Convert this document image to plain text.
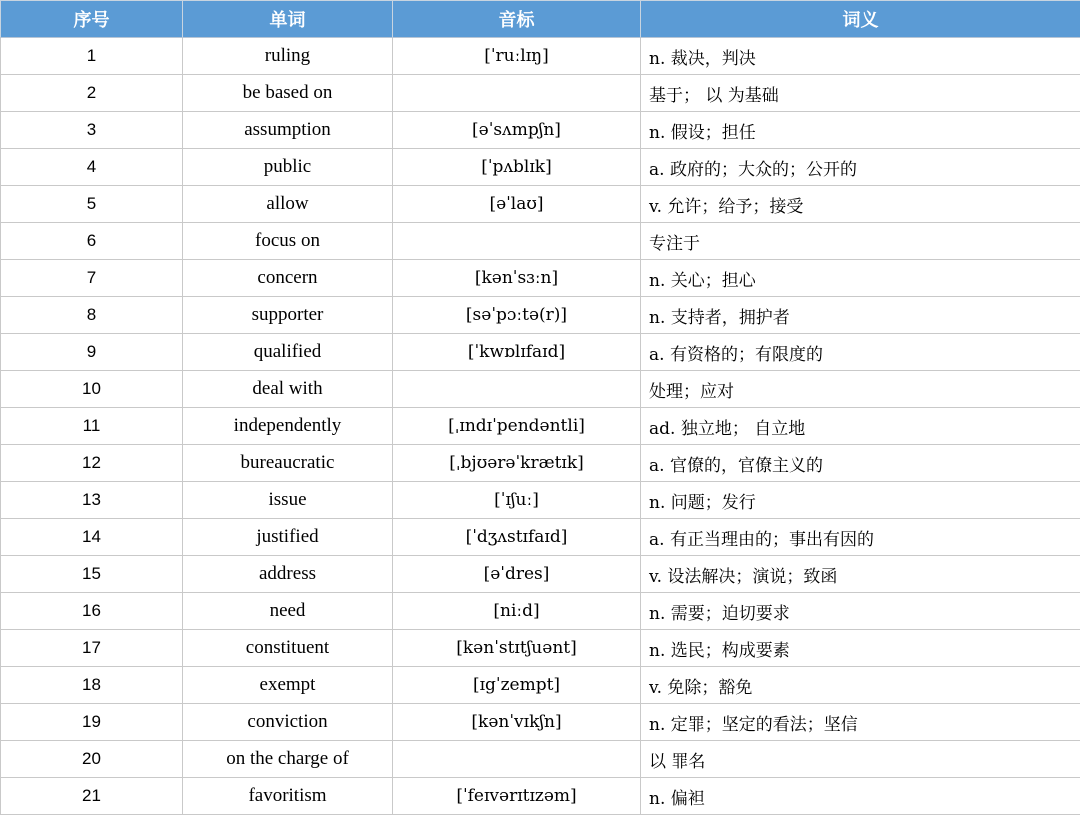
序号	单词	音标	词义
1	ruling	[ˈruːlɪŋ]	n. 裁决，判决
2	be based on		基于； 以 为基础
3	assumption	[əˈsʌmpʃn]	n. 假设；担任
4	public	[ˈpʌblɪk]	a. 政府的；大众的；公开的
5	allow	[əˈlaʊ]	v. 允许；给予；接受
6	focus on		专注于
7	concern	[kənˈsɜːn]	n. 关心；担心
8	supporter	[səˈpɔːtə(r)]	n. 支持者，拥护者
9	qualified	[ˈkwɒlɪfaɪd]	a. 有资格的；有限度的
10	deal with		处理；应对
11	independently	[ˌɪndɪˈpendəntli]	ad. 独立地； 自立地
12	bureaucratic	[ˌbjʊərəˈkrætɪk]	a. 官僚的，官僚主义的
13	issue	[ˈɪʃuː]	n. 问题；发行
14	justified	[ˈdʒʌstɪfaɪd]	a. 有正当理由的；事出有因的
15	address	[əˈdres]	v. 设法解决；演说；致函
16	need	[niːd]	n. 需要；迫切要求
17	constituent	[kənˈstɪtʃuənt]	n. 选民；构成要素
18	exempt	[ɪgˈzempt]	v. 免除；豁免
19	conviction	[kənˈvɪkʃn]	n. 定罪；坚定的看法；坚信
20	on the charge of		以 罪名
21	favoritism	[ˈfeɪvərɪtɪzəm]	n. 偏袒
